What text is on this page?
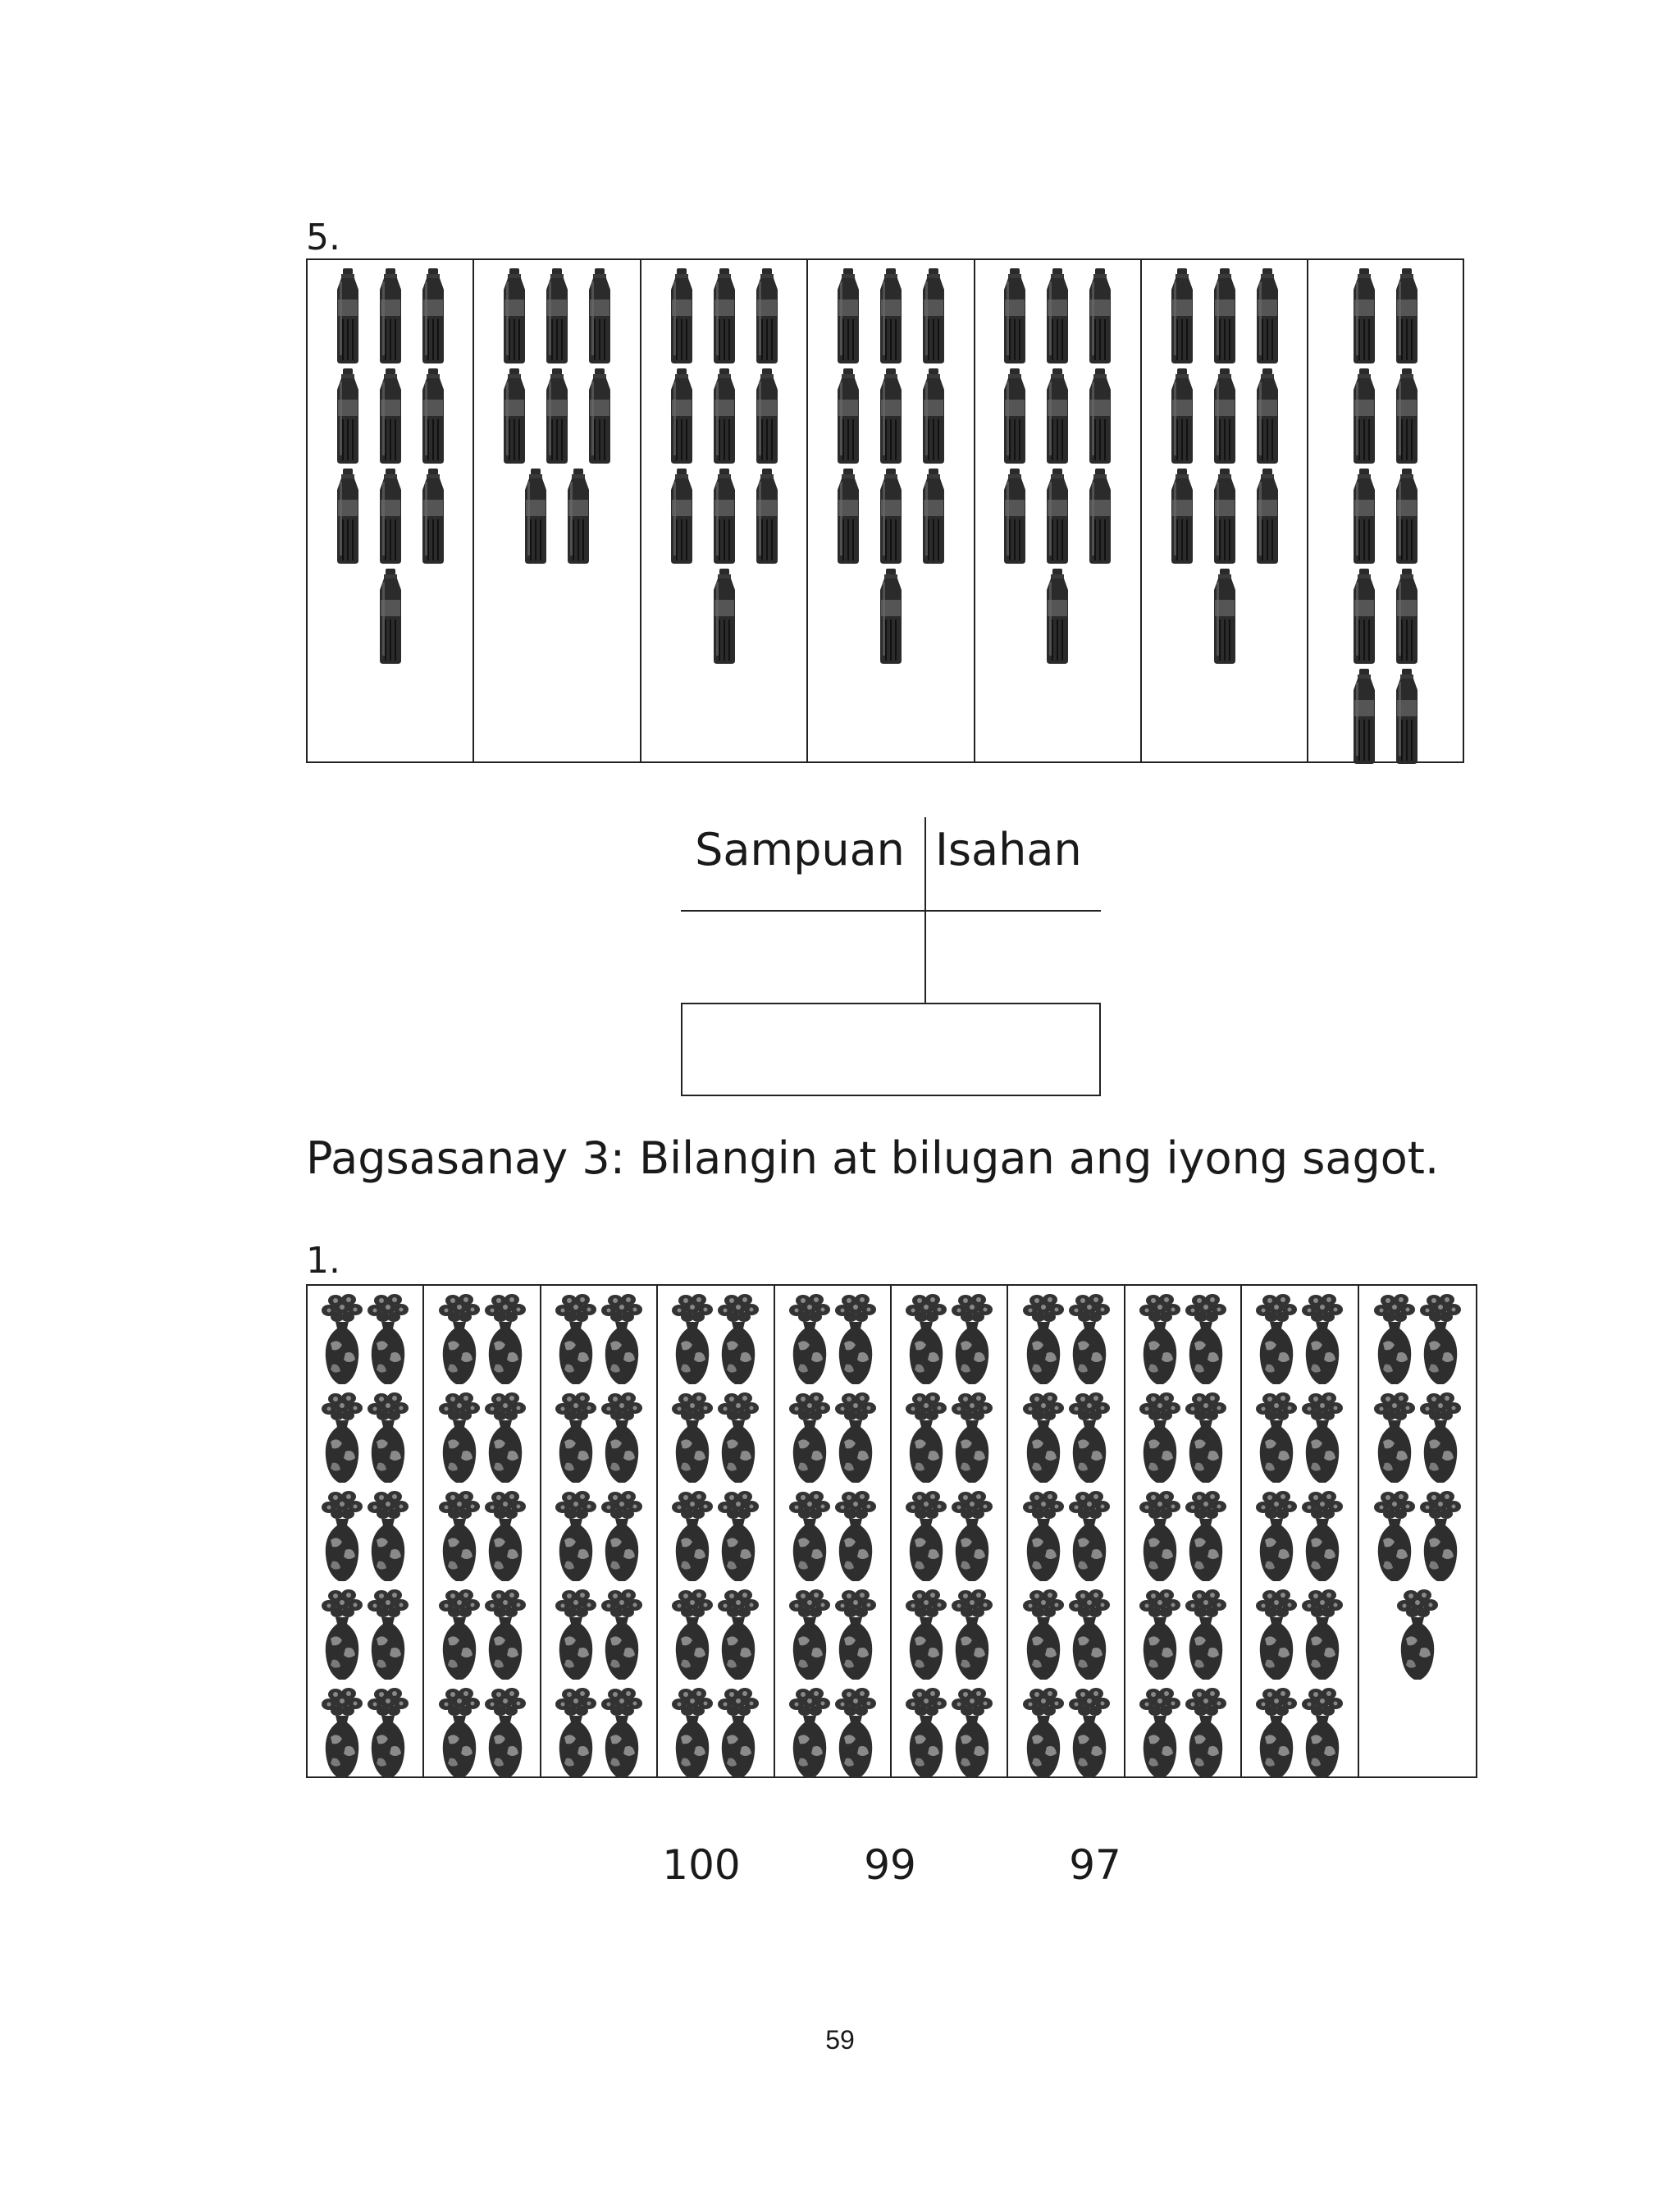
5.
Sampuan Isahan
Pagsasanay 3: Bilangin at bilugan ang iyong sagot.
1.
100	99	97
59
